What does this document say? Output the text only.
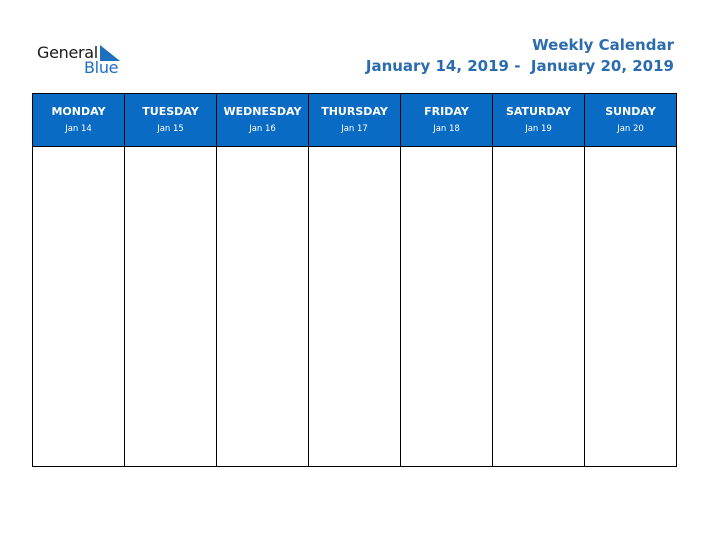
General
Blue
Weekly Calendar
January 14, 2019 -  January 20, 2019
MONDAY
Jan 14
TUESDAY
Jan 15
WEDNESDAY
Jan 16
THURSDAY
Jan 17
FRIDAY
Jan 18
SATURDAY
Jan 19
SUNDAY
Jan 20
